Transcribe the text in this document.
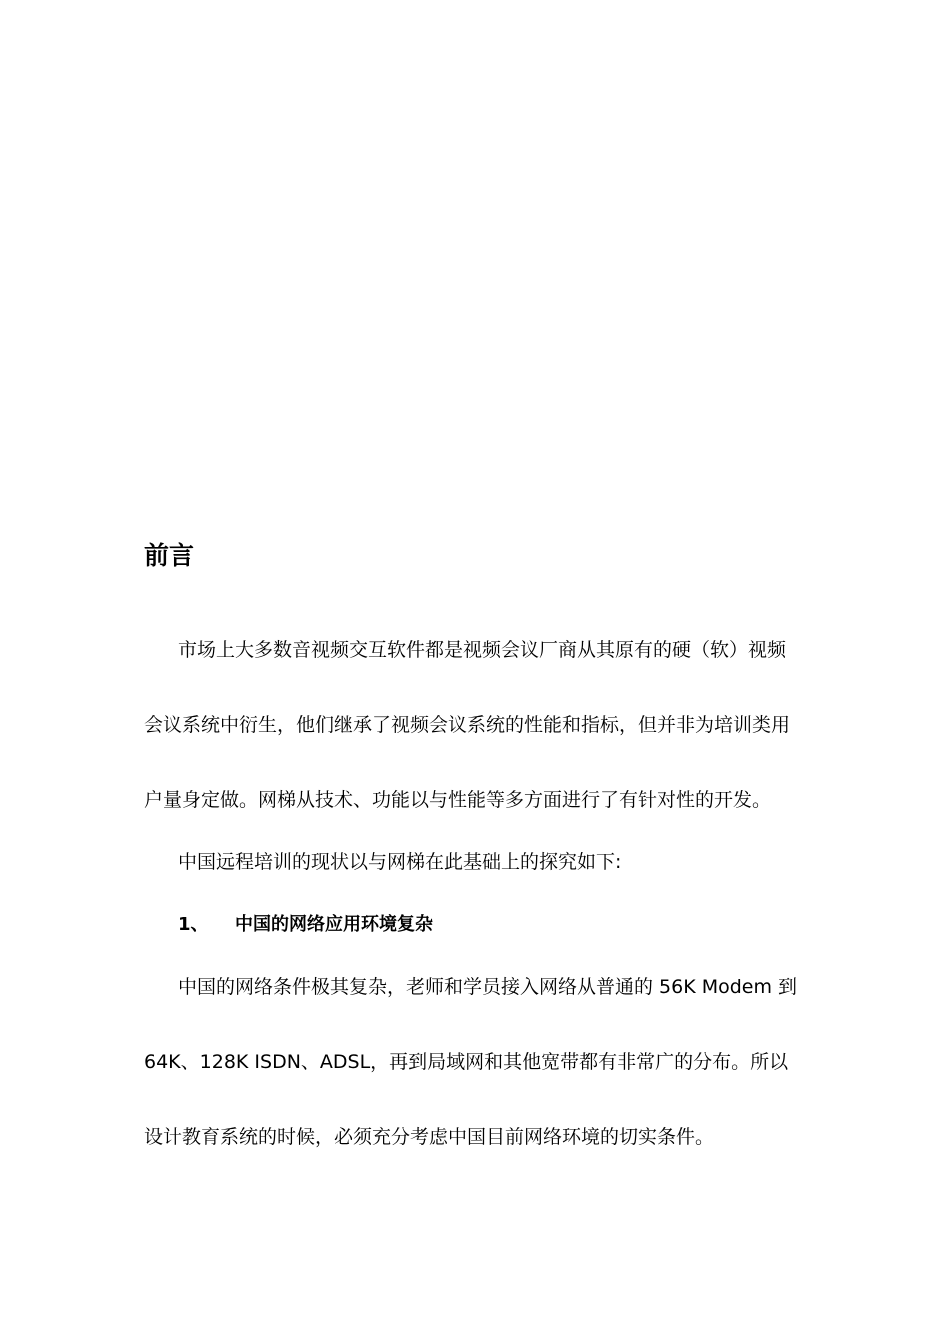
前言

市场上大多数音视频交互软件都是视频会议厂商从其原有的硬（软）视频

会议系统中衍生，他们继承了视频会议系统的性能和指标，但并非为培训类用

户量身定做。网梯从技术、功能以与性能等多方面进行了有针对性的开发。

中国远程培训的现状以与网梯在此基础上的探究如下:

1、 中国的网络应用环境复杂

中国的网络条件极其复杂，老师和学员接入网络从普通的 56K Modem 到

64K、128K ISDN、ADSL，再到局域网和其他宽带都有非常广的分布。所以

设计教育系统的时候，必须充分考虑中国目前网络环境的切实条件。
